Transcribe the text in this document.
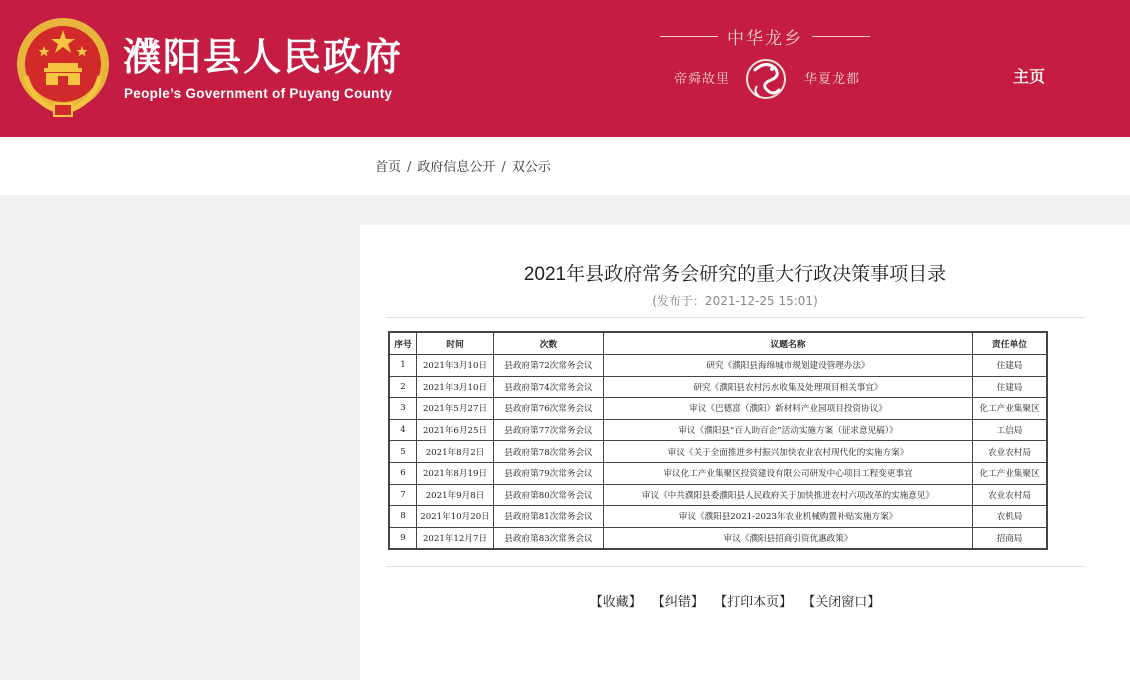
濮阳县人民政府
People’s Government of Puyang County
中华龙乡
帝舜故里	华夏龙都	主页
首页 / 政府信息公开 / 双公示
2021年县政府常务会研究的重大行政决策事项目录
(发布于：2021-12-25 15:01)
序号	时间	次数	议题名称	责任单位
1	2021年3月10日	县政府第72次常务会议	研究《濮阳县海绵城市规划建设管理办法》	住建局
2	2021年3月10日	县政府第74次常务会议	研究《濮阳县农村污水收集及处理项目相关事宜》	住建局
3	2021年5月27日	县政府第76次常务会议	审议《巴德富（濮阳）新材料产业园项目投资协议》	化工产业集聚区
4	2021年6月25日	县政府第77次常务会议	审议《濮阳县“百人助百企”活动实施方案（征求意见稿）》	工信局
5	2021年8月2日	县政府第78次常务会议	审议《关于全面推进乡村振兴加快农业农村现代化的实施方案》	农业农村局
6	2021年8月19日	县政府第79次常务会议	审议化工产业集聚区投资建设有限公司研发中心项目工程变更事宜	化工产业集聚区
7	2021年9月8日	县政府第80次常务会议	审议《中共濮阳县委濮阳县人民政府关于加快推进农村六项改革的实施意见》	农业农村局
8	2021年10月20日	县政府第81次常务会议	审议《濮阳县2021-2023年农业机械购置补贴实施方案》	农机局
9	2021年12月7日	县政府第83次常务会议	审议《濮阳县招商引资优惠政策》	招商局
【收藏】 【纠错】 【打印本页】 【关闭窗口】
